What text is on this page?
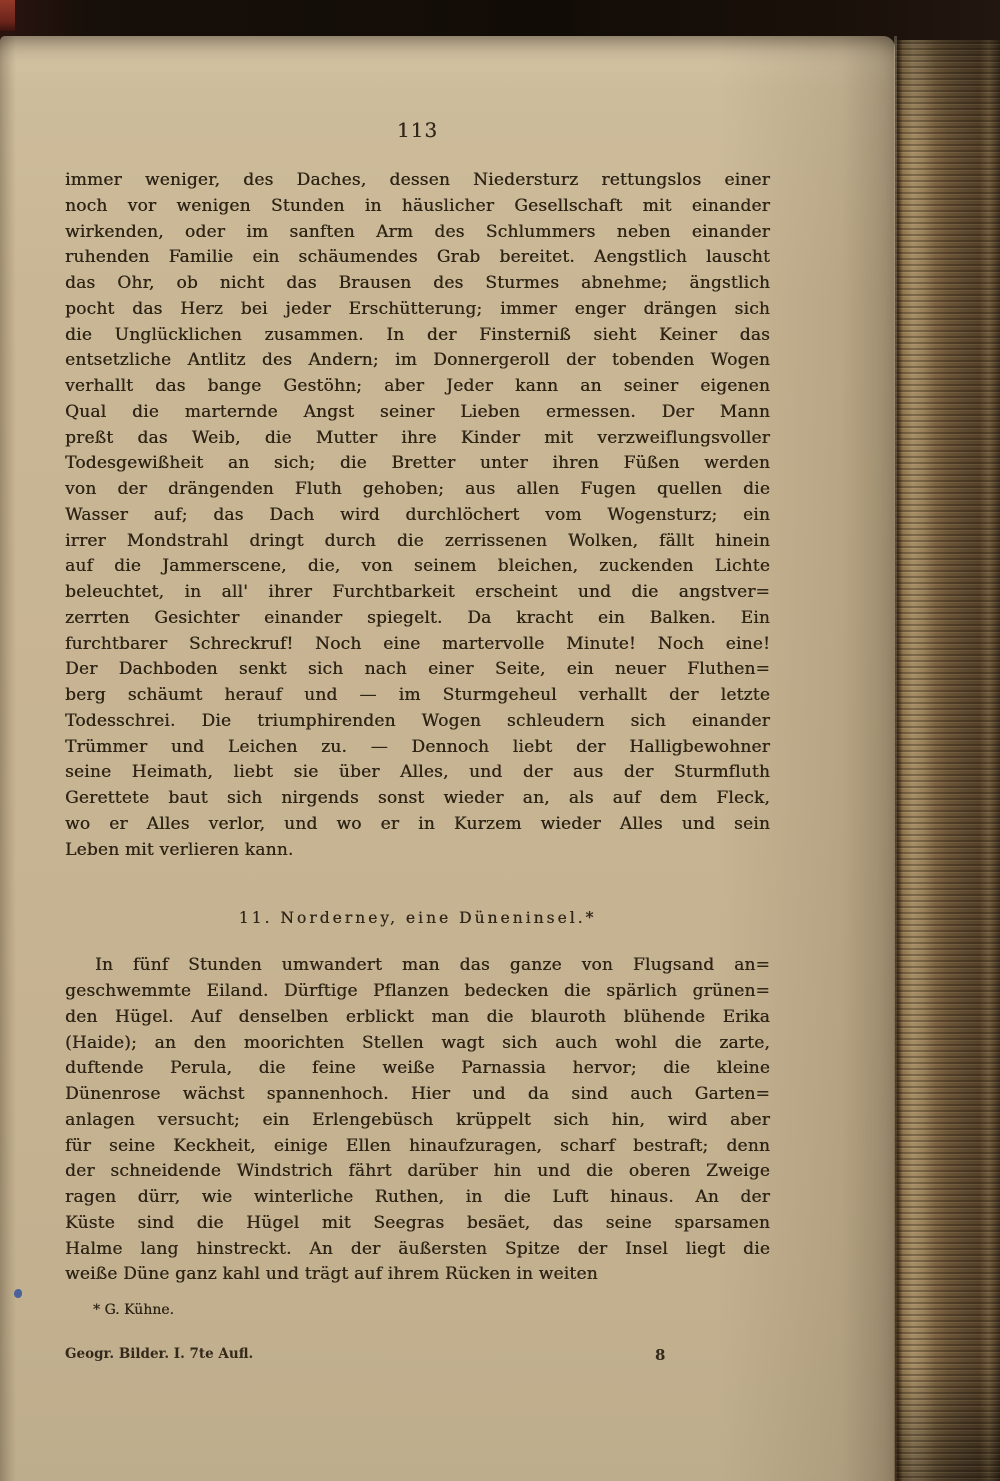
113
immer weniger, des Daches, dessen Niedersturz rettungslos einer
noch vor wenigen Stunden in häuslicher Gesellschaft mit einander
wirkenden, oder im sanften Arm des Schlummers neben einander
ruhenden Familie ein schäumendes Grab bereitet. Aengstlich lauscht
das Ohr, ob nicht das Brausen des Sturmes abnehme; ängstlich
pocht das Herz bei jeder Erschütterung; immer enger drängen sich
die Unglücklichen zusammen. In der Finsterniß sieht Keiner das
entsetzliche Antlitz des Andern; im Donnergeroll der tobenden Wogen
verhallt das bange Gestöhn; aber Jeder kann an seiner eigenen
Qual die marternde Angst seiner Lieben ermessen. Der Mann
preßt das Weib, die Mutter ihre Kinder mit verzweiflungsvoller
Todesgewißheit an sich; die Bretter unter ihren Füßen werden
von der drängenden Fluth gehoben; aus allen Fugen quellen die
Wasser auf; das Dach wird durchlöchert vom Wogensturz; ein
irrer Mondstrahl dringt durch die zerrissenen Wolken, fällt hinein
auf die Jammerscene, die, von seinem bleichen, zuckenden Lichte
beleuchtet, in all' ihrer Furchtbarkeit erscheint und die angstver=
zerrten Gesichter einander spiegelt. Da kracht ein Balken. Ein
furchtbarer Schreckruf! Noch eine martervolle Minute! Noch eine!
Der Dachboden senkt sich nach einer Seite, ein neuer Fluthen=
berg schäumt herauf und — im Sturmgeheul verhallt der letzte
Todesschrei. Die triumphirenden Wogen schleudern sich einander
Trümmer und Leichen zu. — Dennoch liebt der Halligbewohner
seine Heimath, liebt sie über Alles, und der aus der Sturmfluth
Gerettete baut sich nirgends sonst wieder an, als auf dem Fleck,
wo er Alles verlor, und wo er in Kurzem wieder Alles und sein
Leben mit verlieren kann.
11. Norderney, eine Düneninsel.*
In fünf Stunden umwandert man das ganze von Flugsand an=
geschwemmte Eiland. Dürftige Pflanzen bedecken die spärlich grünen=
den Hügel. Auf denselben erblickt man die blauroth blühende Erika
(Haide); an den moorichten Stellen wagt sich auch wohl die zarte,
duftende Perula, die feine weiße Parnassia hervor; die kleine
Dünenrose wächst spannenhoch. Hier und da sind auch Garten=
anlagen versucht; ein Erlengebüsch krüppelt sich hin, wird aber
für seine Keckheit, einige Ellen hinaufzuragen, scharf bestraft; denn
der schneidende Windstrich fährt darüber hin und die oberen Zweige
ragen dürr, wie winterliche Ruthen, in die Luft hinaus. An der
Küste sind die Hügel mit Seegras besäet, das seine sparsamen
Halme lang hinstreckt. An der äußersten Spitze der Insel liegt die
weiße Düne ganz kahl und trägt auf ihrem Rücken in weiten
* G. Kühne.
Geogr. Bilder. I. 7te Aufl.	8
